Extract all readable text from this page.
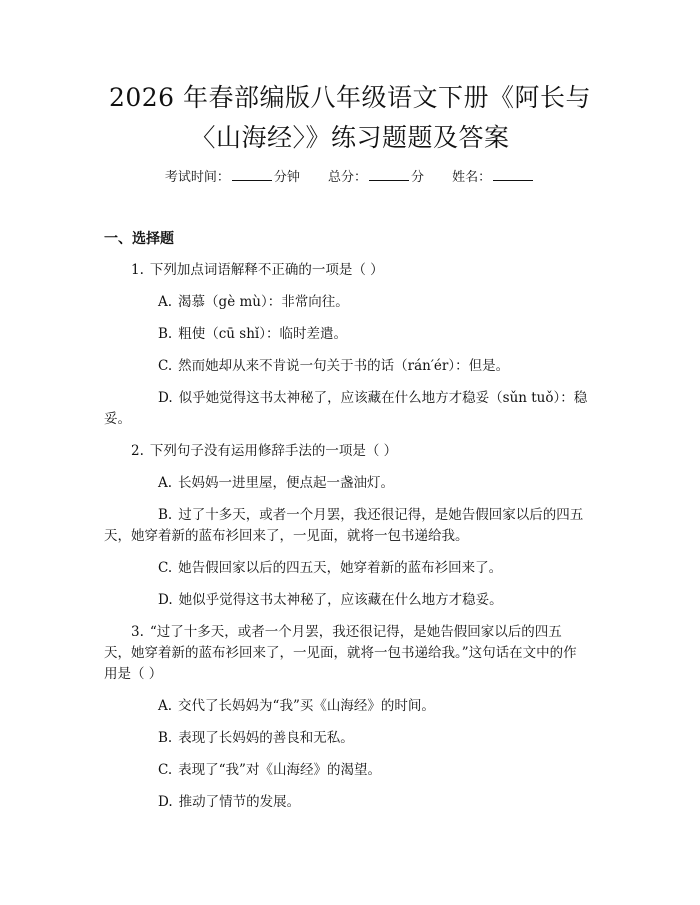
2026 年春部编版八年级语文下册《阿长与
〈山海经〉》练习题题及答案
考试时间：	分钟 总分：	分 姓名：
一、选择题
1. 下列加点词语解释不正确的一项是（ ）
A. 渴慕（gè mù）：非常向往。
B. 粗使（cū shǐ）：临时差遣。
C. 然而她却从来不肯说一句关于书的话（rán′ér）：但是。
D. 似乎她觉得这书太神秘了，应该藏在什么地方才稳妥（sǔn tuǒ）：稳
妥。
2. 下列句子没有运用修辞手法的一项是（ ）
A. 长妈妈一进里屋，便点起一盏油灯。
B. 过了十多天，或者一个月罢，我还很记得，是她告假回家以后的四五
天，她穿着新的蓝布衫回来了，一见面，就将一包书递给我。
C. 她告假回家以后的四五天，她穿着新的蓝布衫回来了。
D. 她似乎觉得这书太神秘了，应该藏在什么地方才稳妥。
3. “过了十多天，或者一个月罢，我还很记得，是她告假回家以后的四五
天，她穿着新的蓝布衫回来了，一见面，就将一包书递给我。”这句话在文中的作
用是（ ）
A. 交代了长妈妈为“我”买《山海经》的时间。
B. 表现了长妈妈的善良和无私。
C. 表现了“我”对《山海经》的渴望。
D. 推动了情节的发展。
